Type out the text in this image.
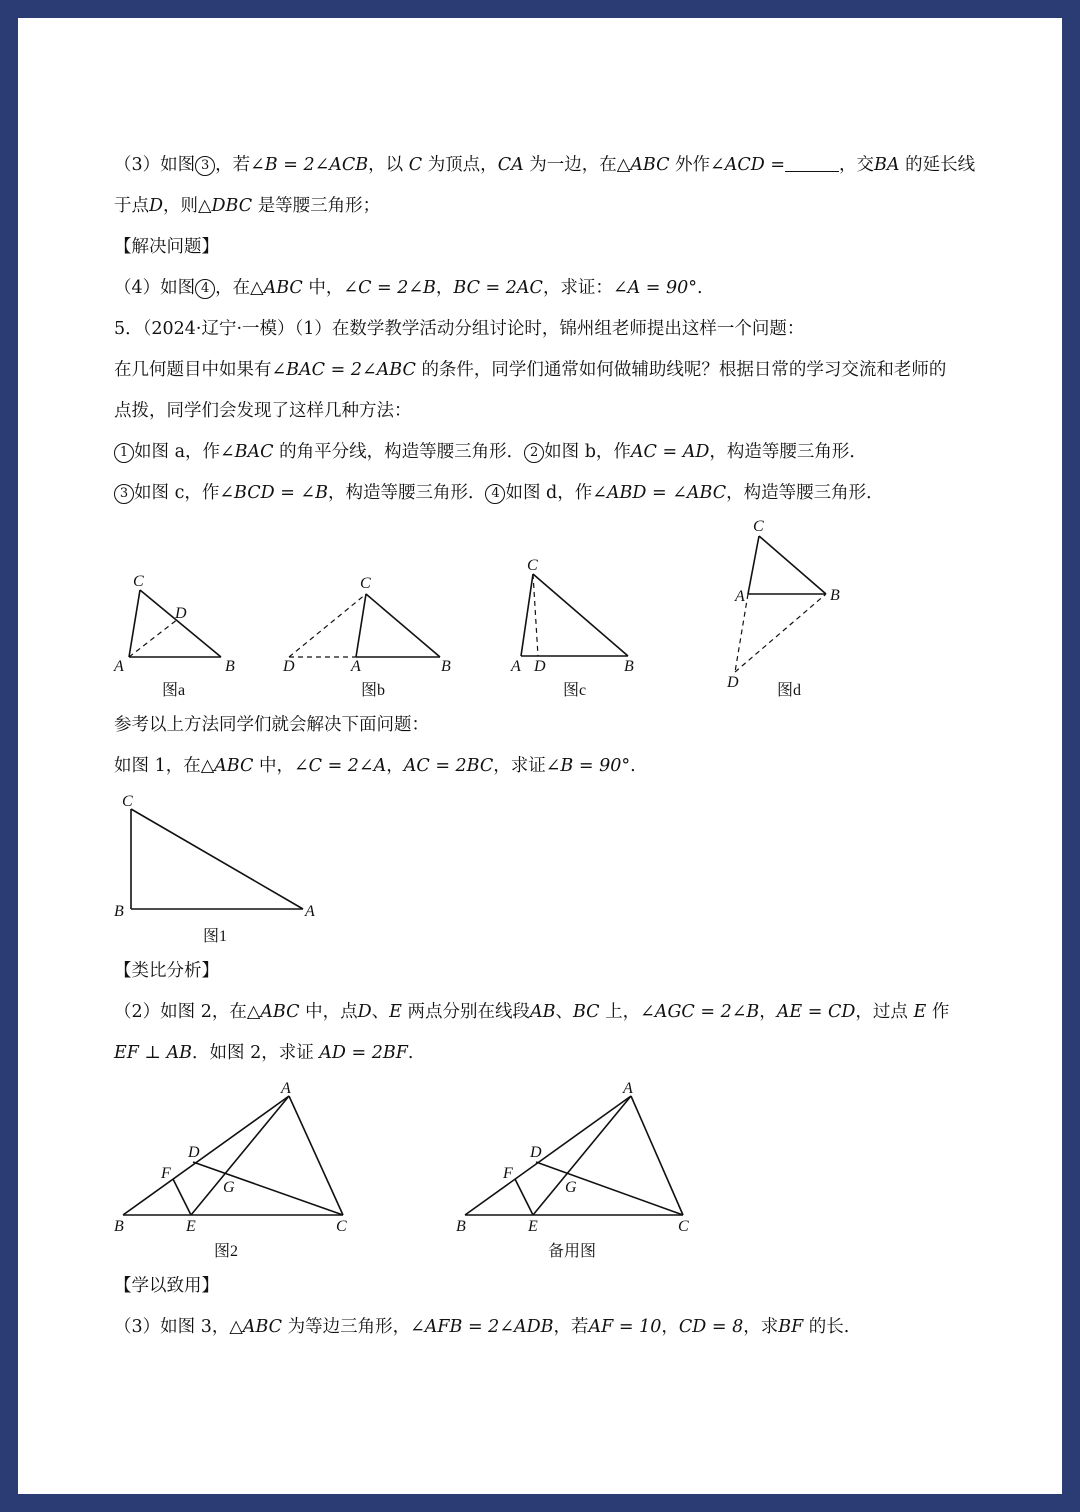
（3）如图 3 ，若∠B = 2∠ACB，以 C 为顶点，CA 为一边，在△ABC 外作∠ACD =	，交BA 的延长线
于点D，则△DBC 是等腰三角形；
【解决问题】
（4）如图 4 ，在△ABC 中，∠C = 2∠B，BC = 2AC，求证：∠A = 90°.
5．（2024·辽宁·一模）（1）在数学教学活动分组讨论时，锦州组老师提出这样一个问题：
在几何题目中如果有∠BAC = 2∠ABC 的条件，同学们通常如何做辅助线呢？根据日常的学习交流和老师的
点拨，同学们会发现了这样几种方法：
1 如图 a，作∠BAC 的角平分线，构造等腰三角形． 2 如图 b，作AC = AD，构造等腰三角形．
3 如图 c，作∠BCD = ∠B，构造等腰三角形． 4 如图 d，作∠ABD = ∠ABC，构造等腰三角形．
参考以上方法同学们就会解决下面问题：
如图 1，在△ABC 中，∠C = 2∠A，AC = 2BC，求证∠B = 90°.
【类比分析】
（2）如图 2，在△ABC 中，点D、E 两点分别在线段AB、BC 上，∠AGC = 2∠B，AE = CD，过点 E 作
EF ⊥ AB．如图 2，求证 AD = 2BF.
【学以致用】
（3）如图 3，△ABC 为等边三角形，∠AFB = 2∠ADB，若AF = 10，CD = 8，求BF 的长.
A	B
C
D
图a
D	A	B
C
图b
A D	B
C
图c
A	B
C
D 图d
C
B	A
图1
B	E	C
A
D
F
G
图2
B	E	C
A
D
F
G
备用图
